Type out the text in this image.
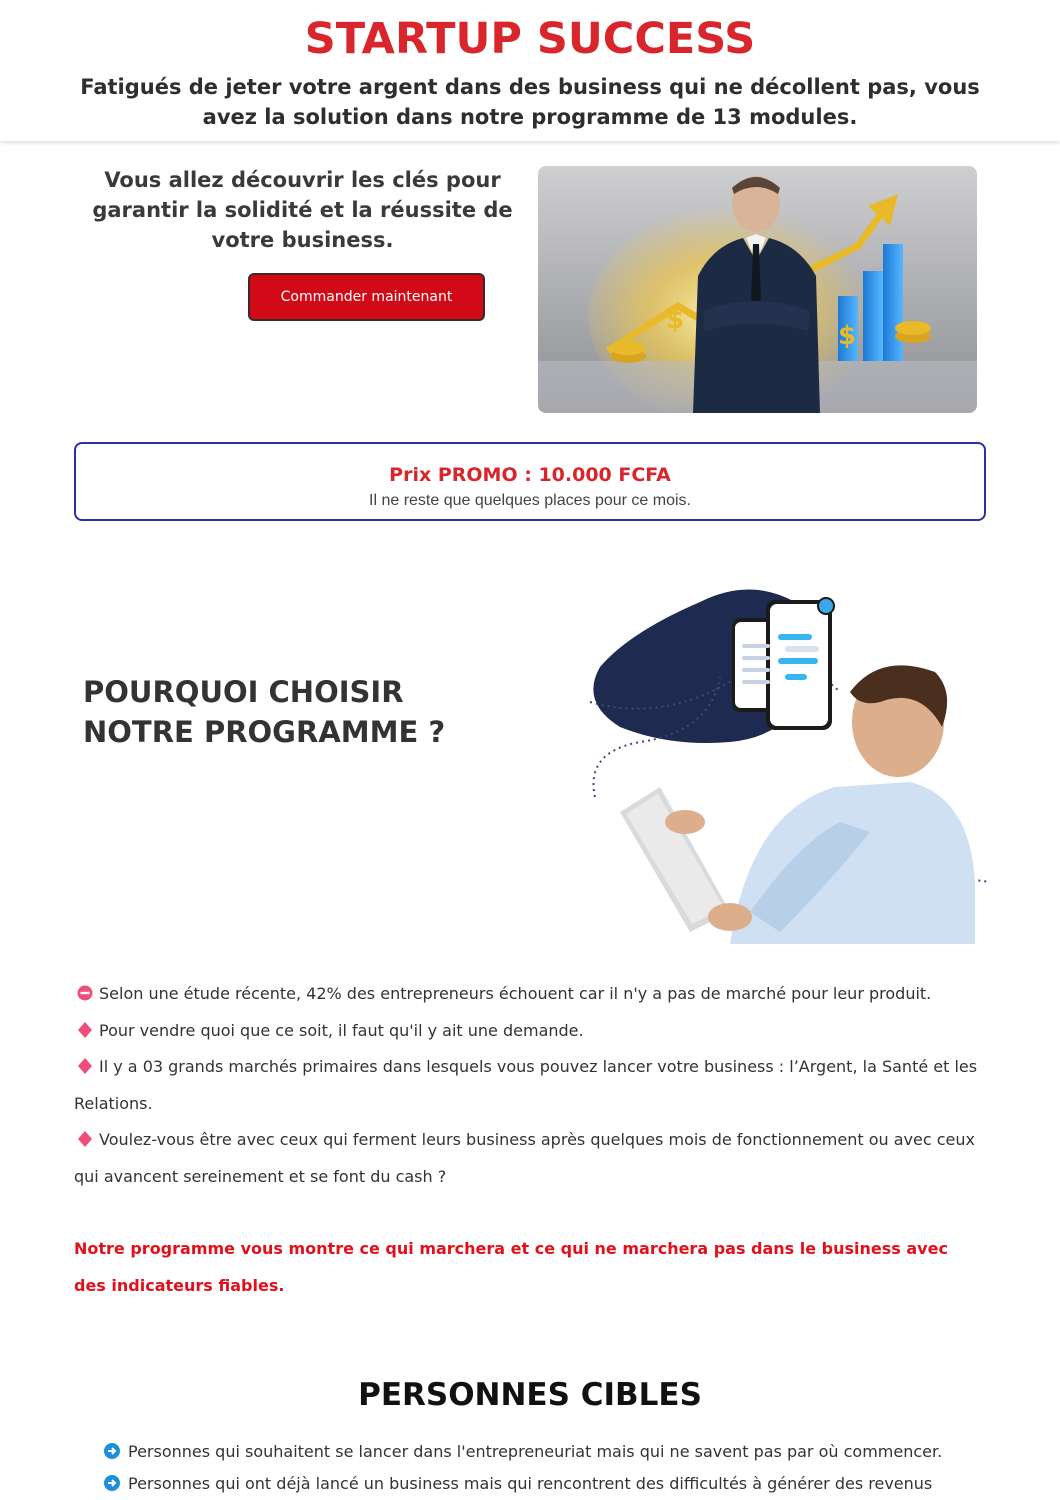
STARTUP SUCCESS
Fatigués de jeter votre argent dans des business qui ne décollent pas, vous avez la solution dans notre programme de 13 modules.
Vous allez découvrir les clés pour garantir la solidité et la réussite de votre business.
Commander maintenant
$
$
Prix PROMO : 10.000 FCFA
Il ne reste que quelques places pour ce mois.
POURQUOI CHOISIR
NOTRE PROGRAMME ?

Selon une étude récente, 42% des entrepreneurs échouent car il n'y a pas de marché pour leur produit.

Pour vendre quoi que ce soit, il faut qu'il y ait une demande.

Il y a 03 grands marchés primaires dans lesquels vous pouvez lancer votre business : l’Argent, la Santé et les Relations.

Voulez-vous être avec ceux qui ferment leurs business après quelques mois de fonctionnement ou avec ceux qui avancent sereinement et se font du cash ?

Notre programme vous montre ce qui marchera et ce qui ne marchera pas dans le business avec des indicateurs fiables.
PERSONNES CIBLES
Personnes qui souhaitent se lancer dans l'entrepreneuriat mais qui ne savent pas par où commencer.
Personnes qui ont déjà lancé un business mais qui rencontrent des difficultés à générer des revenus
